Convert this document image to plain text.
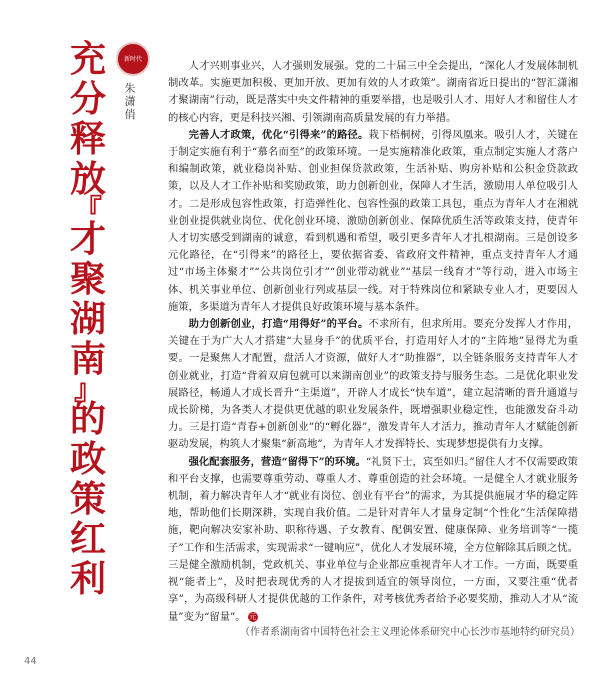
充
分
释
放
『
才
聚
湖
南
』
的
政
策
红
利
新时代
朱潇俏

人才兴则事业兴，人才强则发展强。党的二十届三中全会提出，“深化人才发展体制机制改革。实施更加积极、更加开放、更加有效的人才政策”。湖南省近日提出的“智汇潇湘 才聚湖南”行动，既是落实中央文件精神的重要举措，也是吸引人才、用好人才和留住人才的核心内容，更是科技兴湘、引领湖南高质量发展的有力举措。

完善人才政策，优化“引得来”的路径。栽下梧桐树，引得凤凰来。吸引人才，关键在于制定实施有利于“慕名而至”的政策环境。一是实施精准化政策，重点制定实施人才落户和编制政策，就业稳岗补贴、创业担保贷款政策，生活补贴、购房补贴和公积金贷款政策，以及人才工作补贴和奖励政策，助力创新创业，保障人才生活，激励用人单位吸引人才。二是形成包容性政策，打造弹性化、包容性强的政策工具包，重点为青年人才在湘就业创业提供就业岗位、优化创业环境、激励创新创业、保障优质生活等政策支持，使青年人才切实感受到湖南的诚意，看到机遇和希望，吸引更多青年人才扎根湖南。三是创设多元化路径，在“引得来”的路径上，要依据省委、省政府文件精神，重点支持青年人才通过“市场主体聚才”“公共岗位引才”“创业带动就业”“基层一线育才”等行动，进入市场主体、机关事业单位、创新创业行列或基层一线。对于特殊岗位和紧缺专业人才，更要因人施策，多渠道为青年人才提供良好政策环境与基本条件。

助力创新创业，打造“用得好”的平台。不求所有，但求所用。要充分发挥人才作用，关键在于为广大人才搭建“大显身手”的优质平台，打造用好人才的“主阵地”显得尤为重要。一是聚焦人才配置，盘活人才资源，做好人才“助推器”，以全链条服务支持青年人才创业就业，打造“背着双肩包就可以来湖南创业”的政策支持与服务生态。二是优化职业发展路径，畅通人才成长晋升“主渠道”，开辟人才成长“快车道”，建立起清晰的晋升通道与成长阶梯，为各类人才提供更优越的职业发展条件，既增强职业稳定性，也能激发奋斗动力。三是打造“青春+创新创业”的“孵化器”，激发青年人才活力，推动青年人才赋能创新驱动发展，构筑人才聚集“新高地”，为青年人才发挥特长、实现梦想提供有力支撑。

强化配套服务，营造“留得下”的环境。“礼贤下士，宾至如归。”留住人才不仅需要政策和平台支撑，也需要尊重劳动、尊重人才、尊重创造的社会环境。一是健全人才就业服务机制，着力解决青年人才“就业有岗位、创业有平台”的需求，为其提供施展才华的稳定阵地，帮助他们长期深耕，实现自我价值。二是针对青年人才量身定制“个性化”生活保障措施，靶向解决安家补助、职称待遇、子女教育、配偶安置、健康保障、业务培训等“一揽子”工作和生活需求，实现需求“一键响应”，优化人才发展环境，全方位解除其后顾之忧。三是健全激励机制，党政机关、事业单位与企业都应重视青年人才工作。一方面，既要重视“能者上”，及时把表现优秀的人才提拔到适宜的领导岗位，一方面，又要注重“优者享”，为高级科研人才提供优越的工作条件，对考核优秀者给予必要奖励，推动人才从“流量”变为“留量”。 元

（作者系湖南省中国特色社会主义理论体系研究中心长沙市基地特约研究员）
44
